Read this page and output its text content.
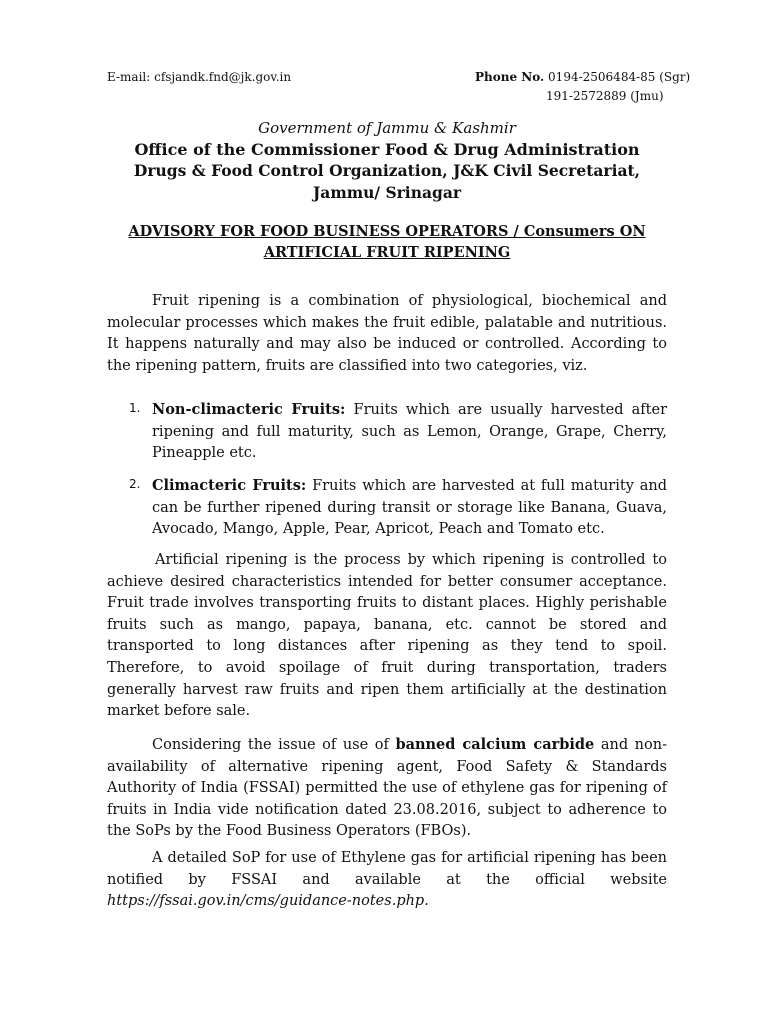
E-mail: cfsjandk.fnd@jk.gov.in	Phone No. 0194-2506484-85 (Sgr)
191-2572889 (Jmu)
Government of Jammu & Kashmir
Office of the Commissioner Food & Drug Administration
Drugs & Food Control Organization, J&K Civil Secretariat, Jammu/ Srinagar
ADVISORY FOR FOOD BUSINESS OPERATORS / Consumers ON ARTIFICIAL FRUIT RIPENING

Fruit ripening is a combination of physiological, biochemical and molecular processes which makes the fruit edible, palatable and nutritious. It happens naturally and may also be induced or controlled. According to the ripening pattern, fruits are classified into two categories, viz.

1. Non-climacteric Fruits: Fruits which are usually harvested after ripening and full maturity, such as Lemon, Orange, Grape, Cherry, Pineapple etc.
2. Climacteric Fruits: Fruits which are harvested at full maturity and can be further ripened during transit or storage like Banana, Guava, Avocado, Mango, Apple, Pear, Apricot, Peach and Tomato etc.

Artificial ripening is the process by which ripening is controlled to achieve desired characteristics intended for better consumer acceptance. Fruit trade involves transporting fruits to distant places. Highly perishable fruits such as mango, papaya, banana, etc. cannot be stored and transported to long distances after ripening as they tend to spoil. Therefore, to avoid spoilage of fruit during transportation, traders generally harvest raw fruits and ripen them artificially at the destination market before sale.

Considering the issue of use of banned calcium carbide and non-availability of alternative ripening agent, Food Safety & Standards Authority of India (FSSAI) permitted the use of ethylene gas for ripening of fruits in India vide notification dated 23.08.2016, subject to adherence to the SoPs by the Food Business Operators (FBOs).

A detailed SoP for use of Ethylene gas for artificial ripening has been notified by FSSAI and available at the official website https://fssai.gov.in/cms/guidance-notes.php.
